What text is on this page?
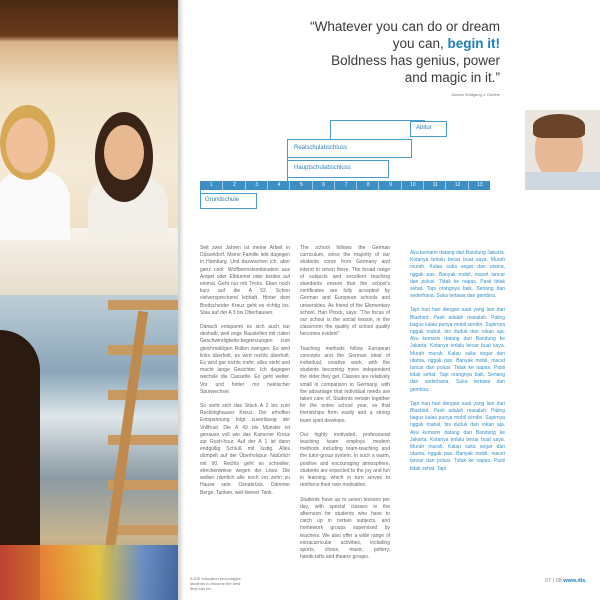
“Whatever you can do or dream
you can, begin it!
Boldness has genius, power
and magic in it.”
Johann Wolfgang v. Goethe
Abitur
Realschulabschluss
Hauptschulabschluss
1	2	3	4	5	6	7	8	9	10	11	12	13
Grundschule

Seit zwei Jahren ist meine Arbeit in Düsseldorf. Meine Familie lebt dagegen in Hamburg. Und dazwischen ich, aber ganz cool: Wolfbremskombination aus Ampel oder Elbtunnel oder beides auf einmal. Geht nur mit Tricks. Eben noch kurz auf die A 52. Schon vielversprechend lebhaft. Hinter dem Breitscheider Kreuz geht es richtig los. Stau auf der A 3 bis Oberhausen.

Danach entspannt es sich auch nur deshalb, weil enge Baustellen mit rüden Geschwindigkeits-begrenzungen zum gleichmäßigen Rollen zwingen. Es wird links überholt, es wird rechts überholt. Es wird gar nichts mehr, alles steht und macht lange Gesichter. Ich dagegen wechsle die Cassette. Es geht weiter. Vor und hinter mir hektischer Spurwechsel.

So sieht sich das Stück A 2 bis zum Recklinghauser Kreuz. Der erhoffen Entspannung folgt zuverlässig der Vollfrust. Die A 43 bis Münster ist genauso voll wie das Kamener Kreuz zur Rush-hour. Auf der A 1 ist dann endgültig Schluß mit lustig. Alles dümpelt auf der Überholspur. Natürlich mit 90. Rechts geht es schneller, streckenweise wegen der Lkws. Die wollen nämlich alle noch vor zehn zu Hause sein. Osnabrück. Dämmer Berge. Tanken, weil kleiner Tank.

The school follows the German curriculum, since the majority of our students come from Germany and intend to return there. The broad range of subjects and excellent teaching standards ensure that the school's certificates are fully accepted by German and European schools and universities. As friend of the Elementary school, Hari Pitock, says: “The focus of our school is the social lesson, in the classroom the quality of school quality becomes evident”.

Teaching methods follow European concepts and the German ideal of individual, creative work, with the students becoming more independent the older they get. Classes are relatively small in comparison to Germany, with the advantage that individual needs are taken care of. Students remain together for the entire school year, so that friendships form easily and a strong team spirit develops.

Our highly motivated, professional teaching team employs modern methods including team-teaching and the tutor-group system. In such a warm, positive and encouraging atmosphere, students are expected to the joy and fun in learning, which in turn serves to reinforce their own motivation.

Students have up to seven lessons per day, with special classes in the afternoon for students who have to catch up in certain subjects, and homework groups supervised by teachers. We also offer a wide range of extracurricular activities, including sports, chess, music, pottery, handicrafts and theatre groups.

Aku kemarin datang dari Bandung Jakarta. Kotanya terlalu besar buat saya. Murah murah. Kalau suka segar dan utama, nggak pas. Banyak mobil, macet lancar dan polusi. Tidak ke napas. Pasti tidak sehat. Tapi orangnya baik. Senang dan sederhana. Suka tertawa dan gembira.

Tapi hari hari dengan saat yang lain dari Bluebird. Pasti adalah masalah. Paling bagus kalau punya mobil sendiri. Supirnya nggak mahal, bis duduk dan rokan aja. Aku kemarin datang dari Bandung ke Jakarta. Kotanya terlalu besar buat saya. Murah murah. Kalau suka segar dan utama, nggak pas. Banyak mobil, macet lancar dan polusi. Tidak ke napas. Pasti tidak sehat. Tapi orangnya baik. Senang dan sederhana. Suka tertawa dan gembira.

Tapi hari hari dengan saat yang lain dari Bluebird. Pasti adalah masalah. Paling bagus kalau punya mobil sendiri. Supirnya nggak mahal, bis duduk dan rokan aja. Aku kemarin datang dari Bandung ke Jakarta. Kotanya terlalu besar buat saya. Murah murah. Kalau suka segar dan utama, nggak pas. Banyak mobil, macet lancar dan polusi. Tidak ke napas. Pasti tidak sehat. Tapi

A DIS education encourages students to become the best they can be.
07 | 08 www.dis.
